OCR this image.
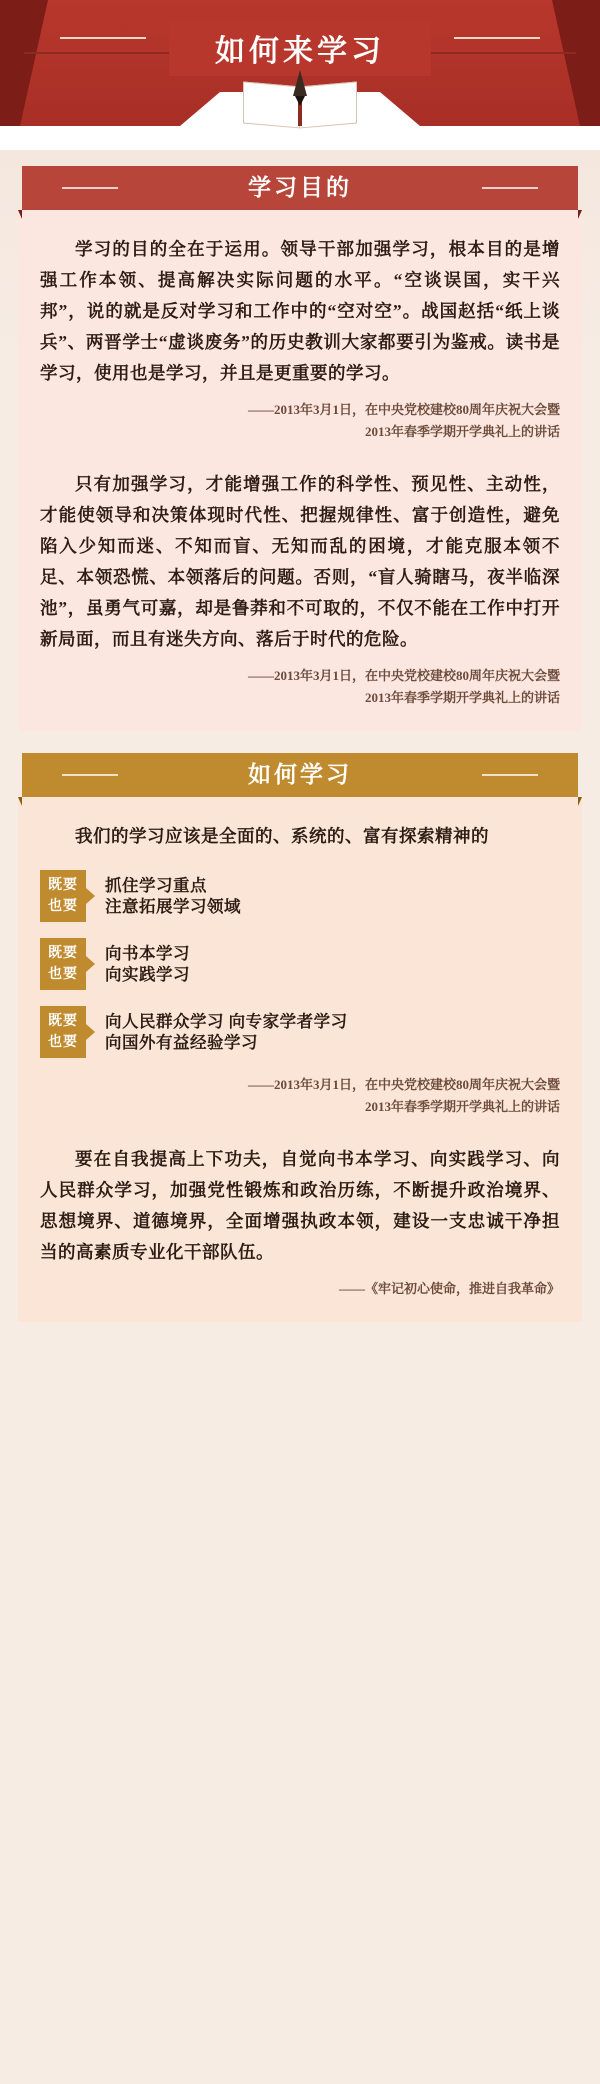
如何来学习
学习目的

学习的目的全在于运用。领导干部加强学习，根本目的是增强工作本领、提高解决实际问题的水平。“空谈误国，实干兴邦”，说的就是反对学习和工作中的“空对空”。战国赵括“纸上谈兵”、两晋学士“虚谈废务”的历史教训大家都要引为鉴戒。读书是学习，使用也是学习，并且是更重要的学习。

——2013年3月1日，在中央党校建校80周年庆祝大会暨
2013年春季学期开学典礼上的讲话

只有加强学习，才能增强工作的科学性、预见性、主动性，才能使领导和决策体现时代性、把握规律性、富于创造性，避免陷入少知而迷、不知而盲、无知而乱的困境，才能克服本领不足、本领恐慌、本领落后的问题。否则，“盲人骑瞎马，夜半临深池”，虽勇气可嘉，却是鲁莽和不可取的，不仅不能在工作中打开新局面，而且有迷失方向、落后于时代的危险。

——2013年3月1日，在中央党校建校80周年庆祝大会暨
2013年春季学期开学典礼上的讲话

如何学习

我们的学习应该是全面的、系统的、富有探索精神的

既要
也要
抓住学习重点
注意拓展学习领域
既要
也要
向书本学习
向实践学习
既要
也要
向人民群众学习 向专家学者学习
向国外有益经验学习

——2013年3月1日，在中央党校建校80周年庆祝大会暨
2013年春季学期开学典礼上的讲话

要在自我提高上下功夫，自觉向书本学习、向实践学习、向人民群众学习，加强党性锻炼和政治历练，不断提升政治境界、思想境界、道德境界，全面增强执政本领，建设一支忠诚干净担当的高素质专业化干部队伍。

——《牢记初心使命，推进自我革命》
